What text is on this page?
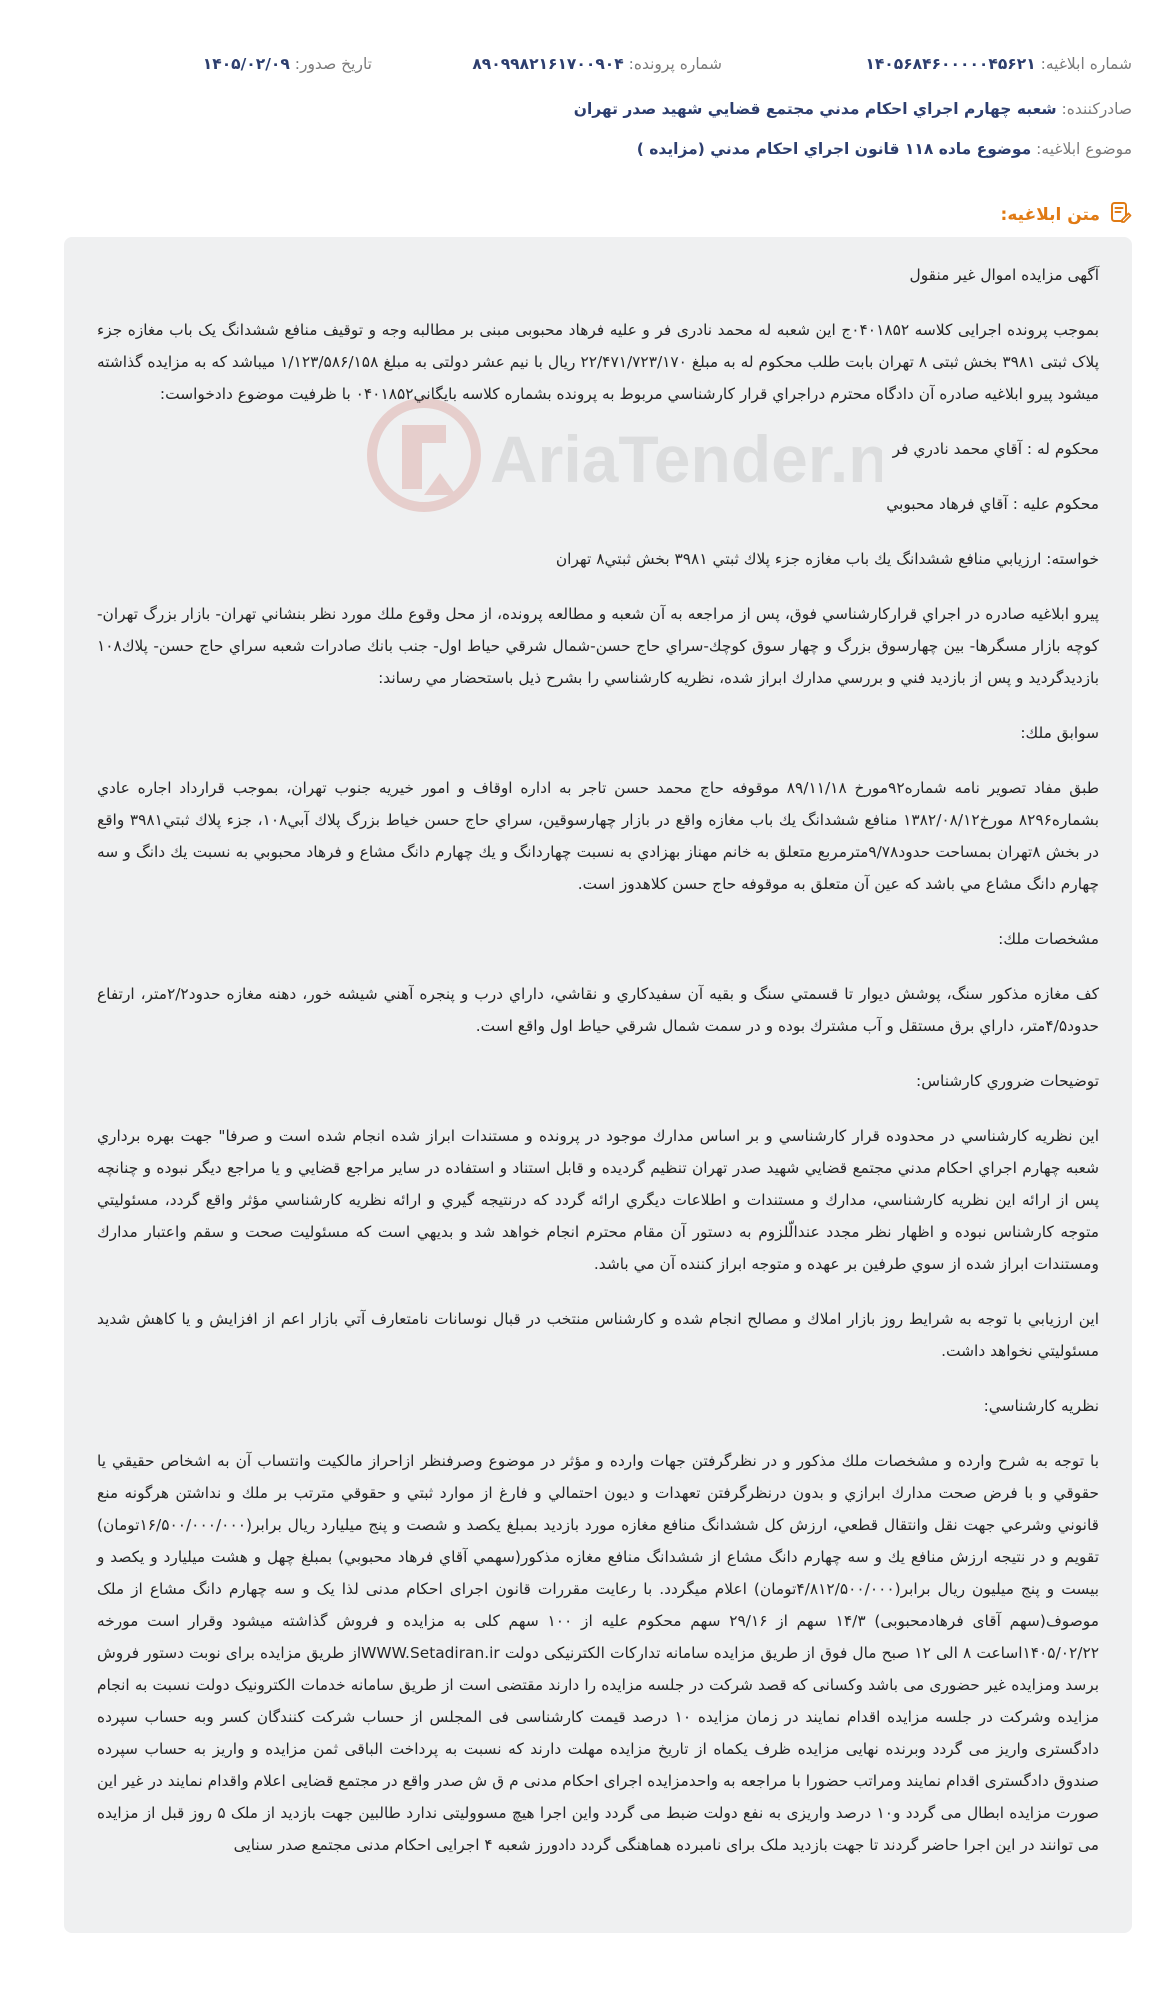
شماره ابلاغیه: ۱۴۰۵۶۸۴۶۰۰۰۰۰۴۵۶۲۱
شماره پرونده: ۸۹۰۹۹۸۲۱۶۱۷۰۰۹۰۴
تاریخ صدور: ۱۴۰۵/۰۲/۰۹
صادرکننده: شعبه چهارم اجراي احكام مدني مجتمع قضايي شهيد صدر تهران
موضوع ابلاغیه: موضوع ماده ۱۱۸ قانون اجراي احكام مدني (مزايده )
متن ابلاغیه:
AriaTender.n

آگهی مزایده اموال غیر منقول

بموجب پرونده اجرایی کلاسه ۰۴۰۱۸۵۲ج این شعبه له محمد نادری فر و علیه فرهاد محبوبی مبنی بر مطالبه وجه و توقیف منافع ششدانگ یک باب مغازه جزء پلاک ثبتی ۳۹۸۱ بخش ثبتی ۸ تهران بابت طلب محکوم له به مبلغ ۲۲/۴۷۱/۷۲۳/۱۷۰ ریال با نیم عشر دولتی به مبلغ ۱/۱۲۳/۵۸۶/۱۵۸ میباشد که به مزایده گذاشته میشود پیرو ابلاغیه صادره آن دادگاه محترم دراجراي قرار كارشناسي مربوط به پرونده بشماره كلاسه بايگاني۰۴۰۱۸۵۲ با ظرفيت موضوع دادخواست:

محكوم له : آقاي محمد نادري فر

محكوم عليه : آقاي فرهاد محبوبي

خواسته: ارزيابي منافع ششدانگ يك باب مغازه جزء پلاك ثبتي ۳۹۸۱ بخش ثبتي۸ تهران

پيرو ابلاغيه صادره در اجراي قراركارشناسي فوق، پس از مراجعه به آن شعبه و مطالعه پرونده، از محل وقوع ملك مورد نظر بنشاني تهران- بازار بزرگ تهران- كوچه بازار مسگرها- بين چهارسوق بزرگ و چهار سوق كوچك-سراي حاج حسن-شمال شرقي حياط اول- جنب بانك صادرات شعبه سراي حاج حسن- پلاك۱۰۸ بازديدگرديد و پس از بازديد فني و بررسي مدارك ابراز شده، نظريه كارشناسي را بشرح ذيل باستحضار مي رساند:

سوابق ملك:

طبق مفاد تصوير نامه شماره۹۲مورخ ۸۹/۱۱/۱۸ موقوفه حاج محمد حسن تاجر به اداره اوقاف و امور خيريه جنوب تهران، بموجب قرارداد اجاره عادي بشماره۸۲۹۶ مورخ۱۳۸۲/۰۸/۱۲ منافع ششدانگ يك باب مغازه واقع در بازار چهارسوقين، سراي حاج حسن خياط بزرگ پلاك آبي۱۰۸، جزء پلاك ثبتي۳۹۸۱ واقع در بخش ۸تهران بمساحت حدود۹/۷۸مترمربع متعلق به خانم مهناز بهزادي به نسبت چهاردانگ و يك چهارم دانگ مشاع و فرهاد محبوبي به نسبت يك دانگ و سه چهارم دانگ مشاع مي باشد كه عين آن متعلق به موقوفه حاج حسن كلاهدوز است.

مشخصات ملك:

كف مغازه مذكور سنگ، پوشش ديوار تا قسمتي سنگ و بقيه آن سفيدكاري و نقاشي، داراي درب و پنجره آهني شيشه خور، دهنه مغازه حدود۲/۲متر، ارتفاع حدود۴/۵متر، داراي برق مستقل و آب مشترك بوده و در سمت شمال شرقي حياط اول واقع است.

توضيحات ضروري كارشناس:

اين نظريه كارشناسي در محدوده قرار كارشناسي و بر اساس مدارك موجود در پرونده و مستندات ابراز شده انجام شده است و صرفا" جهت بهره برداري شعبه چهارم اجراي احكام مدني مجتمع قضايي شهيد صدر تهران تنظيم گرديده و قابل استناد و استفاده در ساير مراجع قضايي و يا مراجع ديگر نبوده و چنانچه پس از ارائه اين نظريه كارشناسي، مدارك و مستندات و اطلاعات ديگري ارائه گردد كه درنتيجه گيري و ارائه نظريه كارشناسي مؤثر واقع گردد، مسئوليتي متوجه كارشناس نبوده و اظهار نظر مجدد عندالّلزوم به دستور آن مقام محترم انجام خواهد شد و بديهي است كه مسئوليت صحت و سقم واعتبار مدارك ومستندات ابراز شده از سوي طرفين بر عهده و متوجه ابراز كننده آن مي باشد.

اين ارزيابي با توجه به شرايط روز بازار املاك و مصالح انجام شده و كارشناس منتخب در قبال نوسانات نامتعارف آتي بازار اعم از افزايش و يا كاهش شديد مسئوليتي نخواهد داشت.

نظريه كارشناسي:

با توجه به شرح وارده و مشخصات ملك مذكور و در نظرگرفتن جهات وارده و مؤثر در موضوع وصرفنظر ازاحراز مالكيت وانتساب آن به اشخاص حقيقي يا حقوقي و با فرض صحت مدارك ابرازي و بدون درنظرگرفتن تعهدات و ديون احتمالي و فارغ از موارد ثبتي و حقوقي مترتب بر ملك و نداشتن هرگونه منع قانوني وشرعي جهت نقل وانتقال قطعي، ارزش كل ششدانگ منافع مغازه مورد بازديد بمبلغ يكصد و شصت و پنج ميليارد ريال برابر(۱۶/۵۰۰/۰۰۰/۰۰۰تومان) تقويم و در نتيجه ارزش منافع يك و سه چهارم دانگ مشاع از ششدانگ منافع مغازه مذكور(سهمي آقاي فرهاد محبوبي) بمبلغ چهل و هشت ميليارد و يكصد و بيست و پنج ميليون ريال برابر(۴/۸۱۲/۵۰۰/۰۰۰تومان) اعلام ميگردد. با رعایت مقررات قانون اجرای احکام مدنی لذا یک و سه چهارم دانگ مشاع از ملک موصوف(سهم آقای فرهادمحبوبی) ۱۴/۳ سهم از ۲۹/۱۶ سهم محکوم علیه از ۱۰۰ سهم کلی به مزایده و فروش گذاشته میشود وقرار است مورخه ۱۴۰۵/۰۲/۲۲اساعت ۸ الی ۱۲ صبح مال فوق از طریق مزایده سامانه تدارکات الکترنیکی دولت WWW.Setadiran.irاز طریق مزایده برای نوبت دستور فروش برسد ومزایده غیر حضوری می باشد وکسانی که قصد شرکت در جلسه مزایده را دارند مقتضی است از طریق سامانه خدمات الکترونیک دولت نسبت به انجام مزایده وشرکت در جلسه مزایده اقدام نمایند در زمان مزایده ۱۰ درصد قیمت کارشناسی فی المجلس از حساب شرکت کنندگان کسر وبه حساب سپرده دادگستری واریز می گردد وبرنده نهایی مزایده ظرف یکماه از تاریخ مزایده مهلت دارند که نسبت به پرداخت الباقی ثمن مزایده و واریز به حساب سپرده صندوق دادگستری اقدام نمایند ومراتب حضورا با مراجعه به واحدمزایده اجرای احکام مدنی م ق ش صدر واقع در مجتمع قضایی اعلام واقدام نمایند در غیر این صورت مزایده ابطال می گردد و۱۰ درصد واریزی به نفع دولت ضبط می گردد واین اجرا هیچ مسوولیتی ندارد طالبین جهت بازدید از ملک ۵ روز قبل از مزایده می توانند در این اجرا حاضر گردند تا جهت بازدید ملک برای نامبرده هماهنگی گردد دادورز شعبه ۴ اجرایی احکام مدنی مجتمع صدر سنایی
